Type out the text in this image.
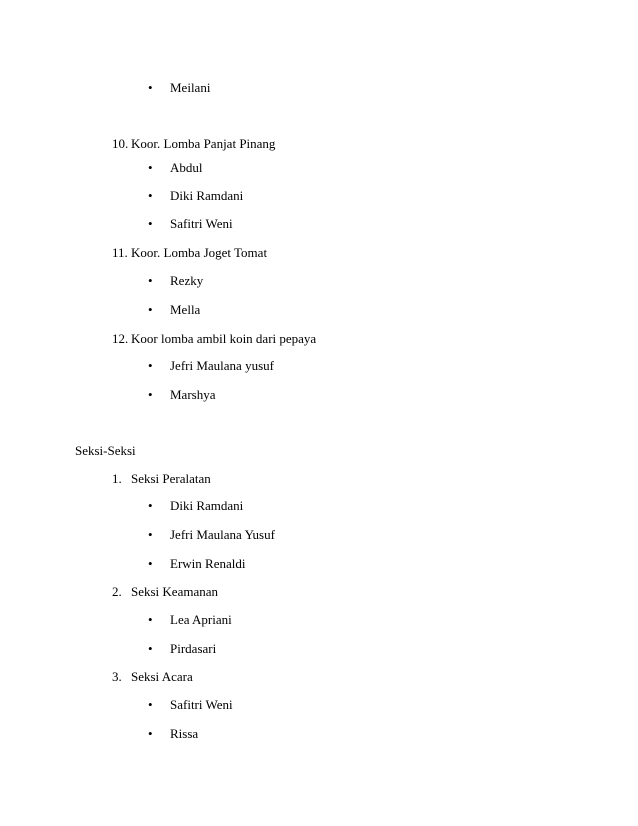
•	Meilani
10. Koor. Lomba Panjat Pinang
•	Abdul
•	Diki Ramdani
•	Safitri Weni
11. Koor. Lomba Joget Tomat
•	Rezky
•	Mella
12. Koor lomba ambil koin dari pepaya
•	Jefri Maulana yusuf
•	Marshya
Seksi-Seksi
1. Seksi Peralatan
•	Diki Ramdani
•	Jefri Maulana Yusuf
•	Erwin Renaldi
2. Seksi Keamanan
•	Lea Apriani
•	Pirdasari
3. Seksi Acara
•	Safitri Weni
•	Rissa
